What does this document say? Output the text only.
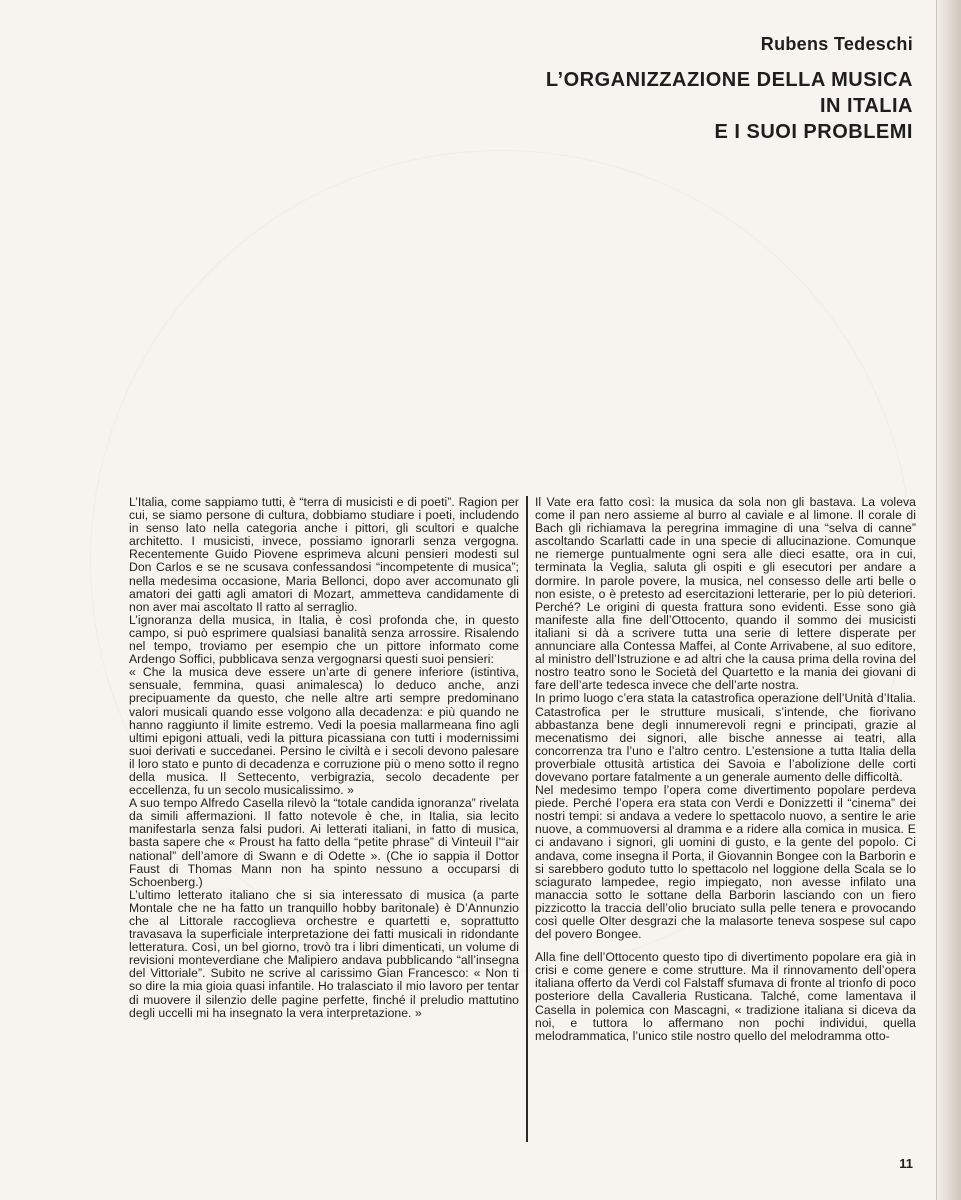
Rubens Tedeschi
L’ORGANIZZAZIONE DELLA MUSICA
IN ITALIA
E I SUOI PROBLEMI

L’Italia, come sappiamo tutti, è “terra di musicisti e di poeti”. Ragion per cui, se siamo persone di cultura, dobbiamo studiare i poeti, includendo in senso lato nella categoria anche i pittori, gli scultori e qualche architetto. I musicisti, invece, possiamo ignorarli senza vergogna. Recentemente Guido Piovene esprimeva alcuni pensieri modesti sul Don Carlos e se ne scusava confessandosi “incompetente di musica”; nella medesima occasione, Maria Bellonci, dopo aver accomunato gli amatori dei gatti agli amatori di Mozart, ammetteva candidamente di non aver mai ascoltato Il ratto al serraglio.

L’ignoranza della musica, in Italia, è così profonda che, in questo campo, si può esprimere qualsiasi banalità senza arrossire. Risalendo nel tempo, troviamo per esempio che un pittore informato come Ardengo Soffici, pubblicava senza vergognarsi questi suoi pensieri:

« Che la musica deve essere un’arte di genere inferiore (istintiva, sensuale, femmina, quasi animalesca) lo deduco anche, anzi precipuamente da questo, che nelle altre arti sempre predominano valori musicali quando esse volgono alla decadenza: e più quando ne hanno raggiunto il limite estremo. Vedi la poesia mallarmeana fino agli ultimi epigoni attuali, vedi la pittura picassiana con tutti i modernissimi suoi derivati e succedanei. Persino le civiltà e i secoli devono palesare il loro stato e punto di decadenza e corruzione più o meno sotto il regno della musica. Il Settecento, verbigrazia, secolo decadente per eccellenza, fu un secolo musicalissimo. »

A suo tempo Alfredo Casella rilevò la “totale candida ignoranza” rivelata da simili affermazioni. Il fatto notevole è che, in Italia, sia lecito manifestarla senza falsi pudori. Ai letterati italiani, in fatto di musica, basta sapere che « Proust ha fatto della “petite phrase” di Vinteuil l’“air national” dell’amore di Swann e di Odette ». (Che io sappia il Dottor Faust di Thomas Mann non ha spinto nessuno a occuparsi di Schoenberg.)

L’ultimo letterato italiano che si sia interessato di musica (a parte Montale che ne ha fatto un tranquillo hobby baritonale) è D’Annunzio che al Littorale raccoglieva orchestre e quartetti e, soprattutto travasava la superficiale interpretazione dei fatti musicali in ridondante letteratura. Così, un bel giorno, trovò tra i libri dimenticati, un volume di revisioni monteverdiane che Malipiero andava pubblicando “all’insegna del Vittoriale”. Subito ne scrive al carissimo Gian Francesco: « Non ti so dire la mia gioia quasi infantile. Ho tralasciato il mio lavoro per tentar di muovere il silenzio delle pagine perfette, finché il preludio mattutino degli uccelli mi ha insegnato la vera interpretazione. »

Il Vate era fatto così: la musica da sola non gli bastava. La voleva come il pan nero assieme al burro al caviale e al limone. Il corale di Bach gli richiamava la peregrina immagine di una “selva di canne” ascoltando Scarlatti cade in una specie di allucinazione. Comunque ne riemerge puntualmente ogni sera alle dieci esatte, ora in cui, terminata la Veglia, saluta gli ospiti e gli esecutori per andare a dormire. In parole povere, la musica, nel consesso delle arti belle o non esiste, o è pretesto ad esercitazioni letterarie, per lo più deteriori. Perché? Le origini di questa frattura sono evidenti. Esse sono già manifeste alla fine dell’Ottocento, quando il sommo dei musicisti italiani si dà a scrivere tutta una serie di lettere disperate per annunciare alla Contessa Maffei, al Conte Arrivabene, al suo editore, al ministro dell’Istruzione e ad altri che la causa prima della rovina del nostro teatro sono le Società del Quartetto e la mania dei giovani di fare dell’arte tedesca invece che dell’arte nostra.

In primo luogo c’era stata la catastrofica operazione dell’Unità d’Italia. Catastrofica per le strutture musicali, s’intende, che fiorivano abbastanza bene degli innumerevoli regni e principati, grazie al mecenatismo dei signori, alle bische annesse ai teatri, alla concorrenza tra l’uno e l’altro centro. L’estensione a tutta Italia della proverbiale ottusità artistica dei Savoia e l’abolizione delle corti dovevano portare fatalmente a un generale aumento delle difficoltà.

Nel medesimo tempo l’opera come divertimento popolare perdeva piede. Perché l’opera era stata con Verdi e Donizzetti il “cinema” dei nostri tempi: si andava a vedere lo spettacolo nuovo, a sentire le arie nuove, a commuoversi al dramma e a ridere alla comica in musica. E ci andavano i signori, gli uomini di gusto, e la gente del popolo. Ci andava, come insegna il Porta, il Giovannin Bongee con la Barborin e si sarebbero goduto tutto lo spettacolo nel loggione della Scala se lo sciagurato lampedee, regio impiegato, non avesse infilato una manaccia sotto le sottane della Barborin lasciando con un fiero pizzicotto la traccia dell’olio bruciato sulla pelle tenera e provocando così quelle Olter desgrazi che la malasorte teneva sospese sul capo del povero Bongee.

Alla fine dell’Ottocento questo tipo di divertimento popolare era già in crisi e come genere e come strutture. Ma il rinnovamento dell’opera italiana offerto da Verdi col Falstaff sfumava di fronte al trionfo di poco posteriore della Cavalleria Rusticana. Talché, come lamentava il Casella in polemica con Mascagni, « tradizione italiana si diceva da noi, e tuttora lo affermano non pochi individui, quella melodrammatica, l’unico stile nostro quello del melodramma otto-

11
